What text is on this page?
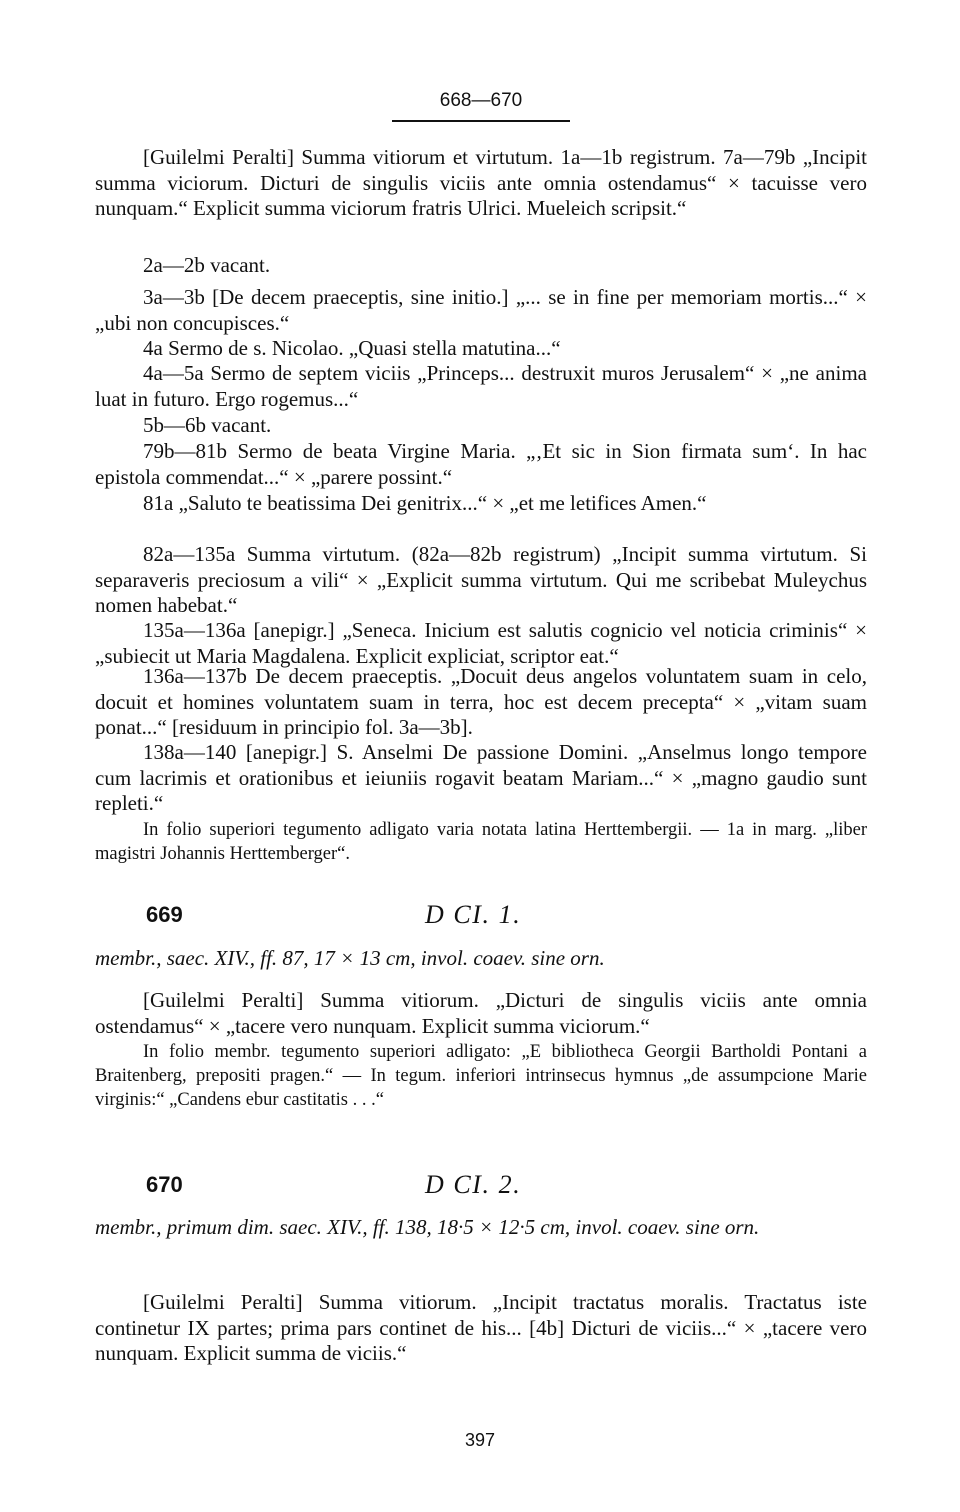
668—670

[Guilelmi Peralti] Summa vitiorum et virtutum. 1a—1b registrum. 7a—79b „Incipit summa viciorum. Dicturi de singulis viciis ante omnia ostendamus“ × tacuisse vero nunquam.“ Explicit summa viciorum fratris Ulrici. Mueleich scripsit.“

2a—2b vacant.

3a—3b [De decem praeceptis, sine initio.] „... se in fine per memoriam mortis...“ × „ubi non concupisces.“

4a Sermo de s. Nicolao. „Quasi stella matutina...“

4a—5a Sermo de septem viciis „Princeps... destruxit muros Jerusalem“ × „ne anima luat in futuro. Ergo rogemus...“

5b—6b vacant.

79b—81b Sermo de beata Virgine Maria. „‚Et sic in Sion firmata sum‘. In hac epistola commendat...“ × „parere possint.“

81a „Saluto te beatissima Dei genitrix...“ × „et me letifices Amen.“

82a—135a Summa virtutum. (82a—82b registrum) „Incipit summa virtutum. Si separaveris preciosum a vili“ × „Explicit summa virtutum. Qui me scribebat Muleychus nomen habebat.“

135a—136a [anepigr.] „Seneca. Inicium est salutis cognicio vel noticia criminis“ × „subiecit ut Maria Magdalena. Explicit expliciat, scriptor eat.“

136a—137b De decem praeceptis. „Docuit deus angelos voluntatem suam in celo, docuit et homines voluntatem suam in terra, hoc est decem precepta“ × „vitam suam ponat...“ [residuum in principio fol. 3a—3b].

138a—140 [anepigr.] S. Anselmi De passione Domini. „Anselmus longo tempore cum lacrimis et orationibus et ieiuniis rogavit beatam Mariam...“ × „magno gaudio sunt repleti.“

In folio superiori tegumento adligato varia notata latina Herttembergii. — 1a in marg. „liber magistri Johannis Herttemberger“.

669	D CI. 1.

membr., saec. XIV., ff. 87, 17 × 13 cm, invol. coaev. sine orn.

[Guilelmi Peralti] Summa vitiorum. „Dicturi de singulis viciis ante omnia ostendamus“ × „tacere vero nunquam. Explicit summa viciorum.“

In folio membr. tegumento superiori adligato: „E bibliotheca Georgii Bartholdi Pontani a Braitenberg, prepositi pragen.“ — In tegum. inferiori intrinsecus hymnus „de assumpcione Marie virginis:“ „Candens ebur castitatis . . .“

670	D CI. 2.

membr., primum dim. saec. XIV., ff. 138, 18·5 × 12·5 cm, invol. coaev. sine orn.

[Guilelmi Peralti] Summa vitiorum. „Incipit tractatus moralis. Tractatus iste continetur IX partes; prima pars continet de his... [4b] Dicturi de viciis...“ × „tacere vero nunquam. Explicit summa de viciis.“

397
